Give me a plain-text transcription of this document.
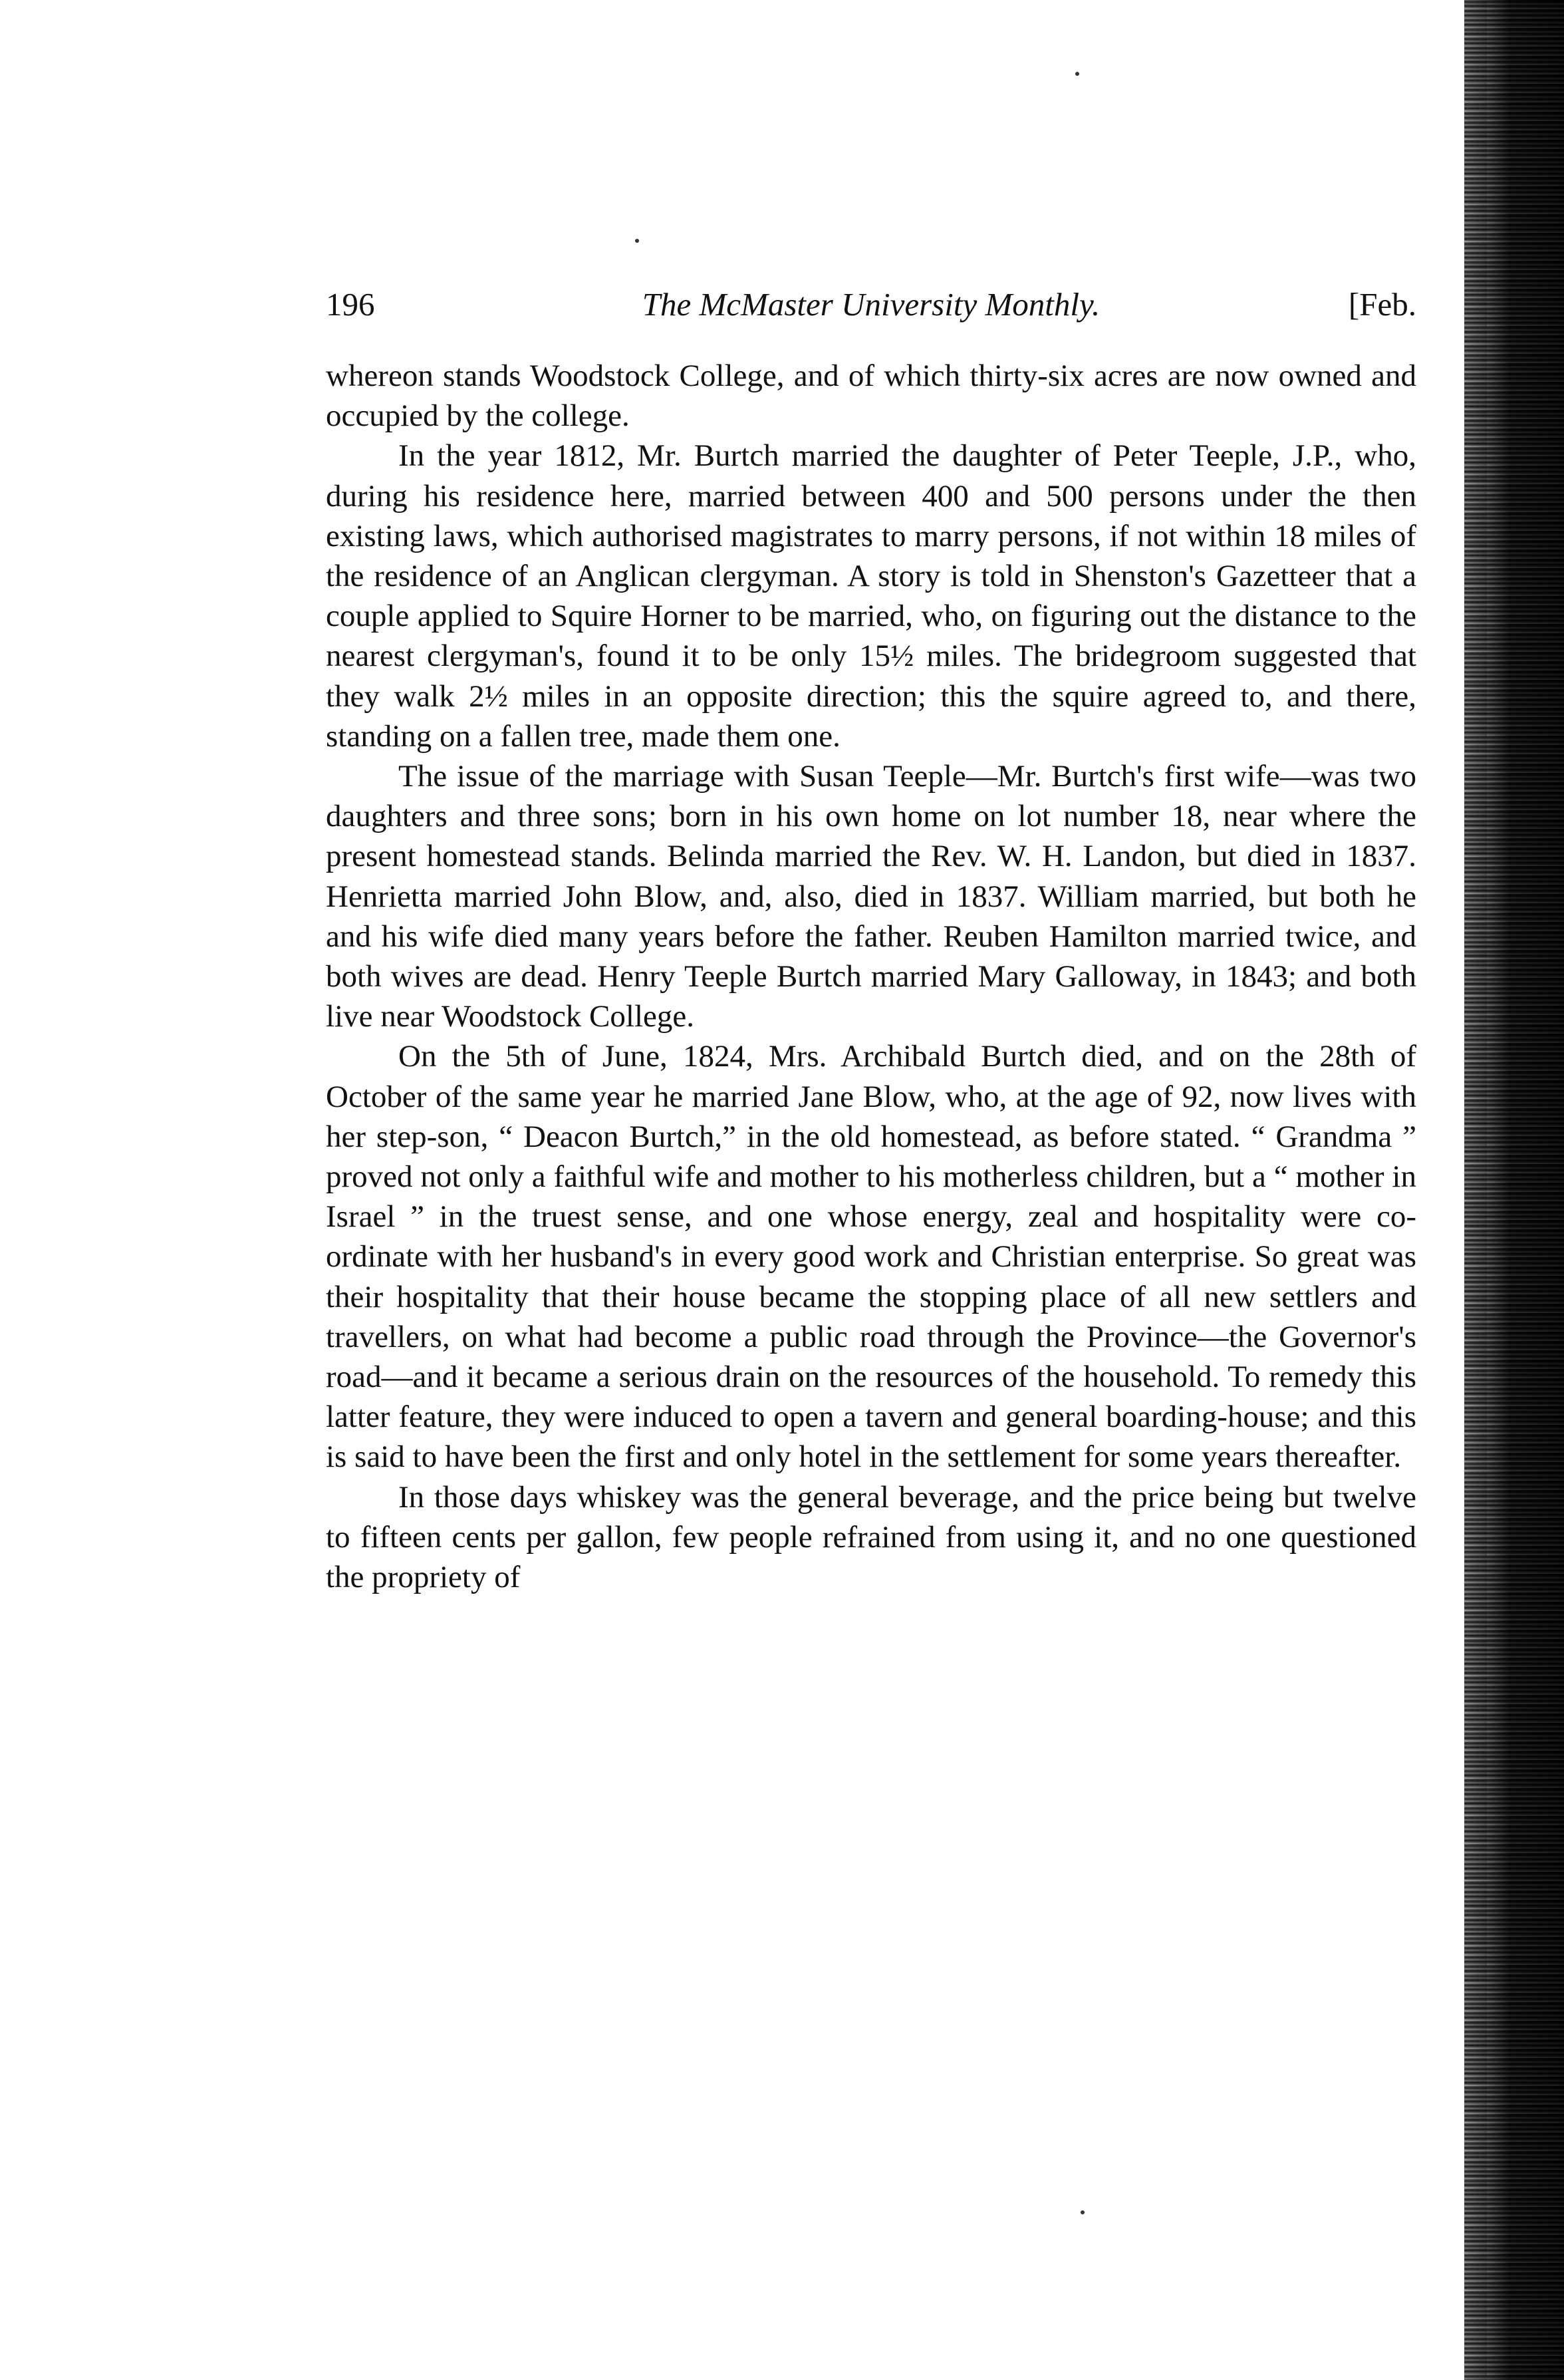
196	The McMaster University Monthly.	[Feb.

whereon stands Woodstock College, and of which thirty-six acres are now owned and occupied by the college.

In the year 1812, Mr. Burtch married the daughter of Peter Teeple, J.P., who, during his residence here, married between 400 and 500 persons under the then existing laws, which authorised magistrates to marry persons, if not within 18 miles of the residence of an Anglican clergyman. A story is told in Shenston's Gazetteer that a couple applied to Squire Horner to be married, who, on figuring out the distance to the nearest clergyman's, found it to be only 15½ miles. The bridegroom suggested that they walk 2½ miles in an opposite direction; this the squire agreed to, and there, standing on a fallen tree, made them one.

The issue of the marriage with Susan Teeple—Mr. Burtch's first wife—was two daughters and three sons; born in his own home on lot number 18, near where the present homestead stands. Belinda married the Rev. W. H. Landon, but died in 1837. Henrietta married John Blow, and, also, died in 1837. William married, but both he and his wife died many years before the father. Reuben Hamilton married twice, and both wives are dead. Henry Teeple Burtch married Mary Galloway, in 1843; and both live near Woodstock College.

On the 5th of June, 1824, Mrs. Archibald Burtch died, and on the 28th of October of the same year he married Jane Blow, who, at the age of 92, now lives with her step-son, “ Deacon Burtch,” in the old homestead, as before stated. “ Grandma ” proved not only a faithful wife and mother to his motherless children, but a “ mother in Israel ” in the truest sense, and one whose energy, zeal and hospitality were co-ordinate with her husband's in every good work and Christian enterprise. So great was their hospitality that their house became the stopping place of all new settlers and travellers, on what had become a public road through the Province—the Governor's road—and it became a serious drain on the resources of the household. To remedy this latter feature, they were induced to open a tavern and general boarding-house; and this is said to have been the first and only hotel in the settlement for some years thereafter.

In those days whiskey was the general beverage, and the price being but twelve to fifteen cents per gallon, few people refrained from using it, and no one questioned the propriety of
